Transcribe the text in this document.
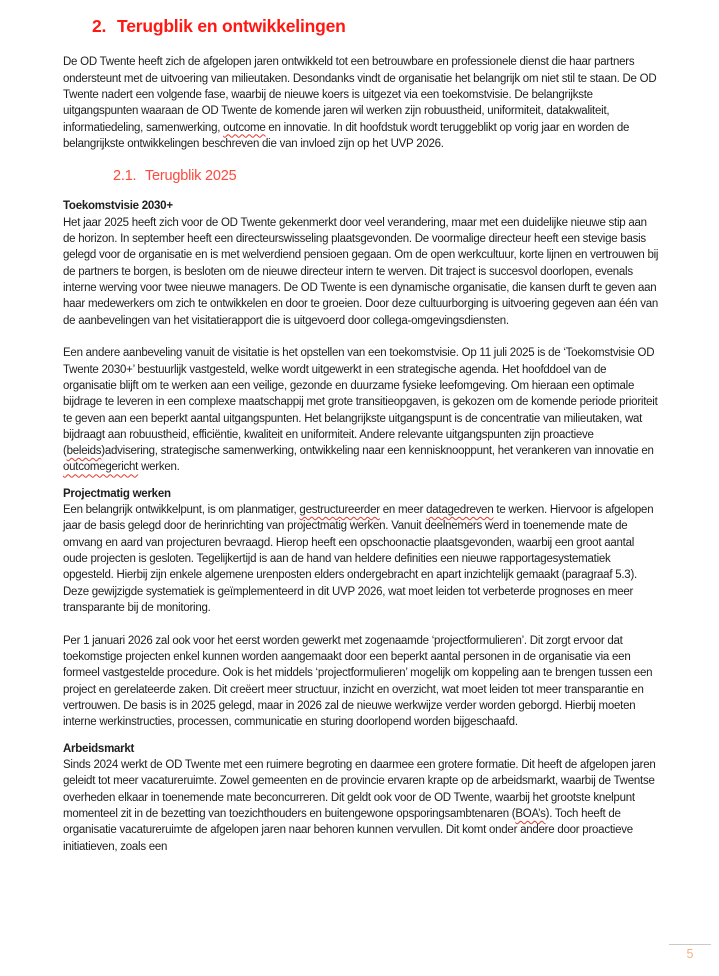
2. Terugblik en ontwikkelingen

De OD Twente heeft zich de afgelopen jaren ontwikkeld tot een betrouwbare en professionele dienst die haar partners ondersteunt met de uitvoering van milieutaken. Desondanks vindt de organisatie het belangrijk om niet stil te staan. De OD Twente nadert een volgende fase, waarbij de nieuwe koers is uitgezet via een toekomstvisie. De belangrijkste uitgangspunten waaraan de OD Twente de komende jaren wil werken zijn robuustheid, uniformiteit, datakwaliteit, informatiedeling, samenwerking, outcome en innovatie. In dit hoofdstuk wordt teruggeblikt op vorig jaar en worden de belangrijkste ontwikkelingen beschreven die van invloed zijn op het UVP 2026.

2.1. Terugblik 2025

Toekomstvisie 2030+
Het jaar 2025 heeft zich voor de OD Twente gekenmerkt door veel verandering, maar met een duidelijke nieuwe stip aan de horizon. In september heeft een directeurswisseling plaatsgevonden. De voormalige directeur heeft een stevige basis gelegd voor de organisatie en is met welverdiend pensioen gegaan. Om de open werkcultuur, korte lijnen en vertrouwen bij de partners te borgen, is besloten om de nieuwe directeur intern te werven. Dit traject is succesvol doorlopen, evenals interne werving voor twee nieuwe managers. De OD Twente is een dynamische organisatie, die kansen durft te geven aan haar medewerkers om zich te ontwikkelen en door te groeien. Door deze cultuurborging is uitvoering gegeven aan één van de aanbevelingen van het visitatierapport die is uitgevoerd door collega-omgevingsdiensten.

Een andere aanbeveling vanuit de visitatie is het opstellen van een toekomstvisie. Op 11 juli 2025 is de ‘Toekomstvisie OD Twente 2030+’ bestuurlijk vastgesteld, welke wordt uitgewerkt in een strategische agenda. Het hoofddoel van de organisatie blijft om te werken aan een veilige, gezonde en duurzame fysieke leefomgeving. Om hieraan een optimale bijdrage te leveren in een complexe maatschappij met grote transitieopgaven, is gekozen om de komende periode prioriteit te geven aan een beperkt aantal uitgangspunten. Het belangrijkste uitgangspunt is de concentratie van milieutaken, wat bijdraagt aan robuustheid, efficiëntie, kwaliteit en uniformiteit. Andere relevante uitgangspunten zijn proactieve (beleids)advisering, strategische samenwerking, ontwikkeling naar een kennisknooppunt, het verankeren van innovatie en outcomegericht werken.

Projectmatig werken
Een belangrijk ontwikkelpunt, is om planmatiger, gestructureerder en meer datagedreven te werken. Hiervoor is afgelopen jaar de basis gelegd door de herinrichting van projectmatig werken. Vanuit deelnemers werd in toenemende mate de omvang en aard van projecturen bevraagd. Hierop heeft een opschoonactie plaatsgevonden, waarbij een groot aantal oude projecten is gesloten. Tegelijkertijd is aan de hand van heldere definities een nieuwe rapportagesystematiek opgesteld. Hierbij zijn enkele algemene urenposten elders ondergebracht en apart inzichtelijk gemaakt (paragraaf 5.3). Deze gewijzigde systematiek is geïmplementeerd in dit UVP 2026, wat moet leiden tot verbeterde prognoses en meer transparante bij de monitoring.

Per 1 januari 2026 zal ook voor het eerst worden gewerkt met zogenaamde ‘projectformulieren’. Dit zorgt ervoor dat toekomstige projecten enkel kunnen worden aangemaakt door een beperkt aantal personen in de organisatie via een formeel vastgestelde procedure. Ook is het middels ‘projectformulieren’ mogelijk om koppeling aan te brengen tussen een project en gerelateerde zaken. Dit creëert meer structuur, inzicht en overzicht, wat moet leiden tot meer transparantie en vertrouwen. De basis is in 2025 gelegd, maar in 2026 zal de nieuwe werkwijze verder worden geborgd. Hierbij moeten interne werkinstructies, processen, communicatie en sturing doorlopend worden bijgeschaafd.

Arbeidsmarkt
Sinds 2024 werkt de OD Twente met een ruimere begroting en daarmee een grotere formatie. Dit heeft de afgelopen jaren geleidt tot meer vacatureruimte. Zowel gemeenten en de provincie ervaren krapte op de arbeidsmarkt, waarbij de Twentse overheden elkaar in toenemende mate beconcurreren. Dit geldt ook voor de OD Twente, waarbij het grootste knelpunt momenteel zit in de bezetting van toezichthouders en buitengewone opsporingsambtenaren (BOA’s). Toch heeft de organisatie vacatureruimte de afgelopen jaren naar behoren kunnen vervullen. Dit komt onder andere door proactieve initiatieven, zoals een

5
